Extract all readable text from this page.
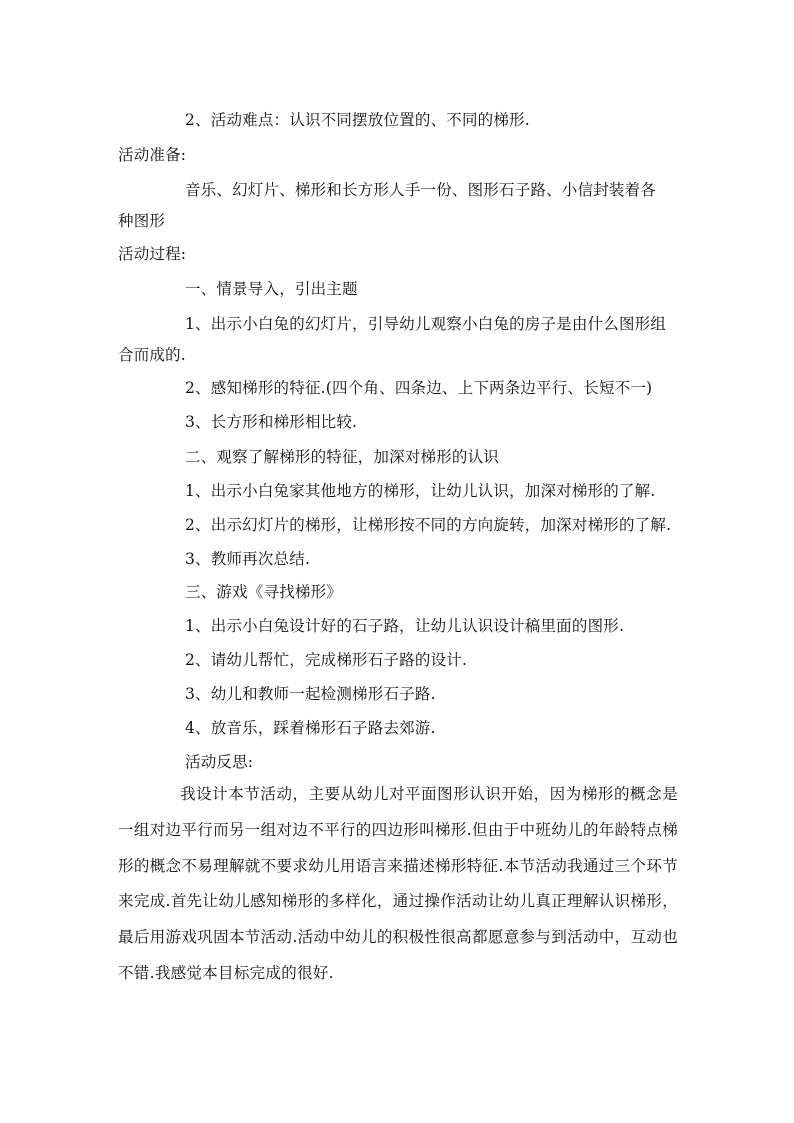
2、活动难点：认识不同摆放位置的、不同的梯形.
活动准备:
音乐、幻灯片、梯形和长方形人手一份、图形石子路、小信封装着各
种图形
活动过程:
一、情景导入，引出主题
1、出示小白兔的幻灯片，引导幼儿观察小白兔的房子是由什么图形组
合而成的.
2、感知梯形的特征.(四个角、四条边、上下两条边平行、长短不一)
3、长方形和梯形相比较.
二、观察了解梯形的特征，加深对梯形的认识
1、出示小白兔家其他地方的梯形，让幼儿认识，加深对梯形的了解.
2、出示幻灯片的梯形，让梯形按不同的方向旋转，加深对梯形的了解.
3、教师再次总结.
三、游戏《寻找梯形》
1、出示小白兔设计好的石子路，让幼儿认识设计稿里面的图形.
2、请幼儿帮忙，完成梯形石子路的设计.
3、幼儿和教师一起检测梯形石子路.
4、放音乐，踩着梯形石子路去郊游.
活动反思:
我设计本节活动，主要从幼儿对平面图形认识开始，因为梯形的概念是一组对边平行而另一组对边不平行的四边形叫梯形.但由于中班幼儿的年龄特点梯形的概念不易理解就不要求幼儿用语言来描述梯形特征.本节活动我通过三个环节来完成.首先让幼儿感知梯形的多样化，通过操作活动让幼儿真正理解认识梯形，最后用游戏巩固本节活动.活动中幼儿的积极性很高都愿意参与到活动中，互动也不错.我感觉本目标完成的很好.
